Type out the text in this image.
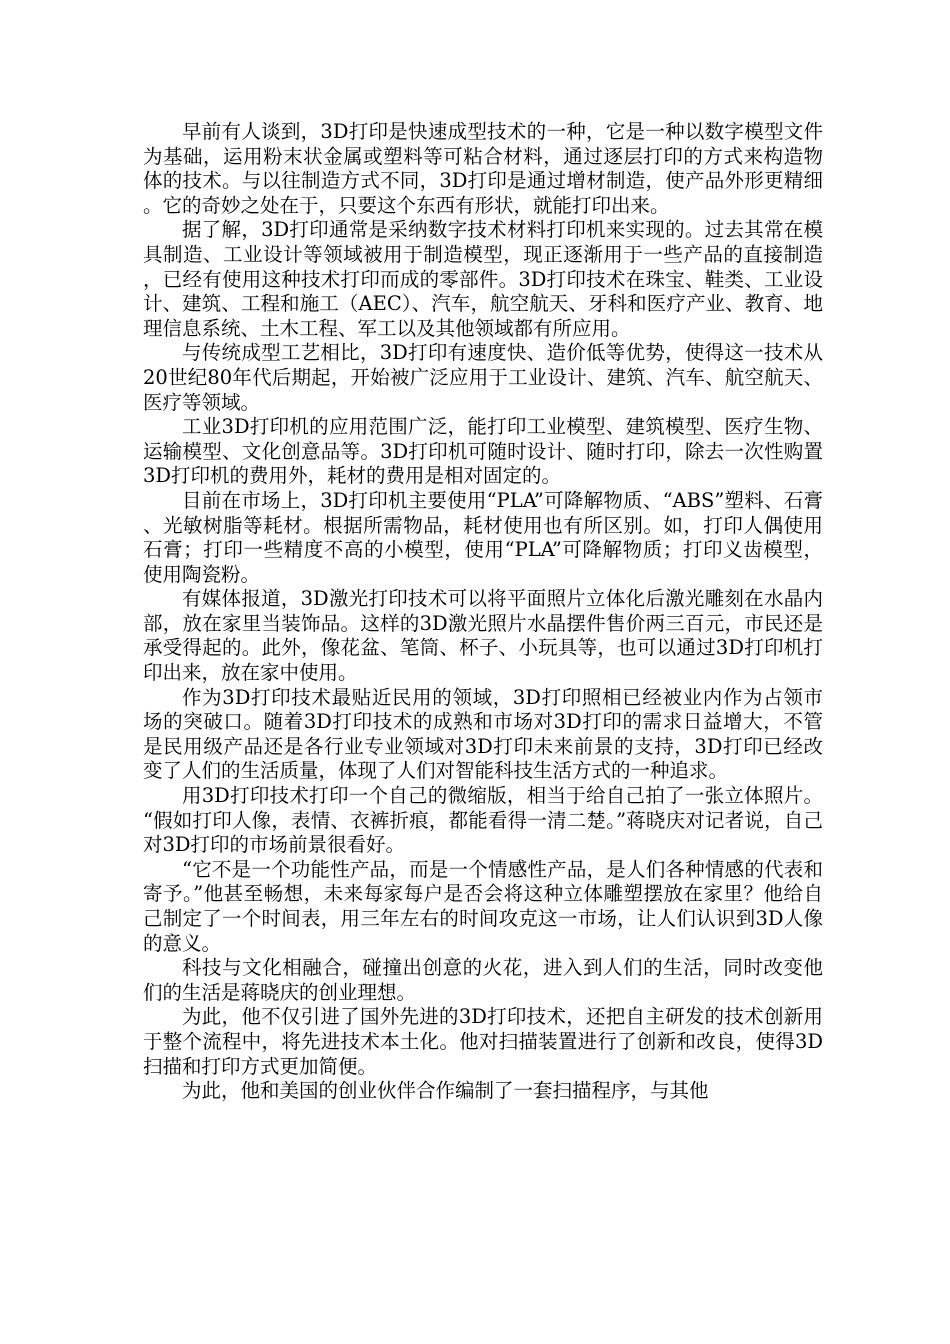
早前有人谈到，3D打印是快速成型技术的一种，它是一种以数字模型文件为基础，运用粉末状金属或塑料等可粘合材料，通过逐层打印的方式来构造物体的技术。与以往制造方式不同，3D打印是通过增材制造，使产品外形更精细。它的奇妙之处在于，只要这个东西有形状，就能打印出来。

据了解，3D打印通常是采纳数字技术材料打印机来实现的。过去其常在模具制造、工业设计等领域被用于制造模型，现正逐渐用于一些产品的直接制造，已经有使用这种技术打印而成的零部件。3D打印技术在珠宝、鞋类、工业设计、建筑、工程和施工（AEC）、汽车，航空航天、牙科和医疗产业、教育、地理信息系统、土木工程、军工以及其他领域都有所应用。

与传统成型工艺相比，3D打印有速度快、造价低等优势，使得这一技术从20世纪80年代后期起，开始被广泛应用于工业设计、建筑、汽车、航空航天、医疗等领域。

工业3D打印机的应用范围广泛，能打印工业模型、建筑模型、医疗生物、运输模型、文化创意品等。3D打印机可随时设计、随时打印，除去一次性购置3D打印机的费用外，耗材的费用是相对固定的。

目前在市场上，3D打印机主要使用“PLA”可降解物质、“ABS”塑料、石膏、光敏树脂等耗材。根据所需物品，耗材使用也有所区别。如，打印人偶使用石膏；打印一些精度不高的小模型，使用“PLA”可降解物质；打印义齿模型，使用陶瓷粉。

有媒体报道，3D激光打印技术可以将平面照片立体化后激光雕刻在水晶内部，放在家里当装饰品。这样的3D激光照片水晶摆件售价两三百元，市民还是承受得起的。此外，像花盆、笔筒、杯子、小玩具等，也可以通过3D打印机打印出来，放在家中使用。

作为3D打印技术最贴近民用的领域，3D打印照相已经被业内作为占领市场的突破口。随着3D打印技术的成熟和市场对3D打印的需求日益增大，不管是民用级产品还是各行业专业领域对3D打印未来前景的支持，3D打印已经改变了人们的生活质量，体现了人们对智能科技生活方式的一种追求。

用3D打印技术打印一个自己的微缩版，相当于给自己拍了一张立体照片。“假如打印人像，表情、衣裤折痕，都能看得一清二楚。”蒋晓庆对记者说，自己对3D打印的市场前景很看好。

“它不是一个功能性产品，而是一个情感性产品，是人们各种情感的代表和寄予。”他甚至畅想，未来每家每户是否会将这种立体雕塑摆放在家里？他给自己制定了一个时间表，用三年左右的时间攻克这一市场，让人们认识到3D人像的意义。

科技与文化相融合，碰撞出创意的火花，进入到人们的生活，同时改变他们的生活是蒋晓庆的创业理想。

为此，他不仅引进了国外先进的3D打印技术，还把自主研发的技术创新用于整个流程中，将先进技术本土化。他对扫描装置进行了创新和改良，使得3D扫描和打印方式更加简便。

为此，他和美国的创业伙伴合作编制了一套扫描程序，与其他
